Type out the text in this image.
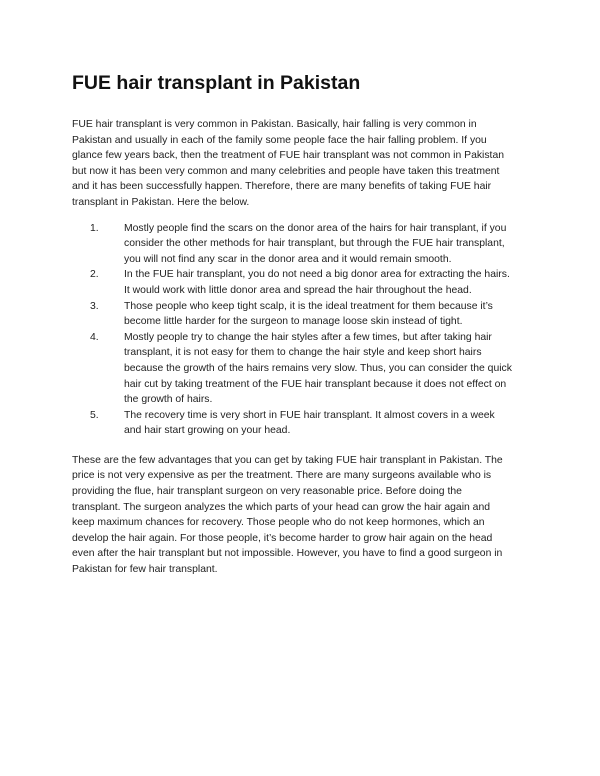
FUE hair transplant in Pakistan

FUE hair transplant is very common in Pakistan. Basically, hair falling is very common in Pakistan and usually in each of the family some people face the hair falling problem. If you glance few years back, then the treatment of FUE hair transplant was not common in Pakistan but now it has been very common and many celebrities and people have taken this treatment and it has been successfully happen. Therefore, there are many benefits of taking FUE hair transplant in Pakistan. Here the below.

1.	Mostly people find the scars on the donor area of the hairs for hair transplant, if you consider the other methods for hair transplant, but through the FUE hair transplant, you will not find any scar in the donor area and it would remain smooth.
2.	In the FUE hair transplant, you do not need a big donor area for extracting the hairs. It would work with little donor area and spread the hair throughout the head.
3.	Those people who keep tight scalp, it is the ideal treatment for them because it’s become little harder for the surgeon to manage loose skin instead of tight.
4.	Mostly people try to change the hair styles after a few times, but after taking hair transplant, it is not easy for them to change the hair style and keep short hairs because the growth of the hairs remains very slow. Thus, you can consider the quick hair cut by taking treatment of the FUE hair transplant because it does not effect on the growth of hairs.
5.	The recovery time is very short in FUE hair transplant. It almost covers in a week and hair start growing on your head.

These are the few advantages that you can get by taking FUE hair transplant in Pakistan. The price is not very expensive as per the treatment. There are many surgeons available who is providing the flue, hair transplant surgeon on very reasonable price. Before doing the transplant. The surgeon analyzes the which parts of your head can grow the hair again and keep maximum chances for recovery. Those people who do not keep hormones, which an develop the hair again. For those people, it’s become harder to grow hair again on the head even after the hair transplant but not impossible. However, you have to find a good surgeon in Pakistan for few hair transplant.
